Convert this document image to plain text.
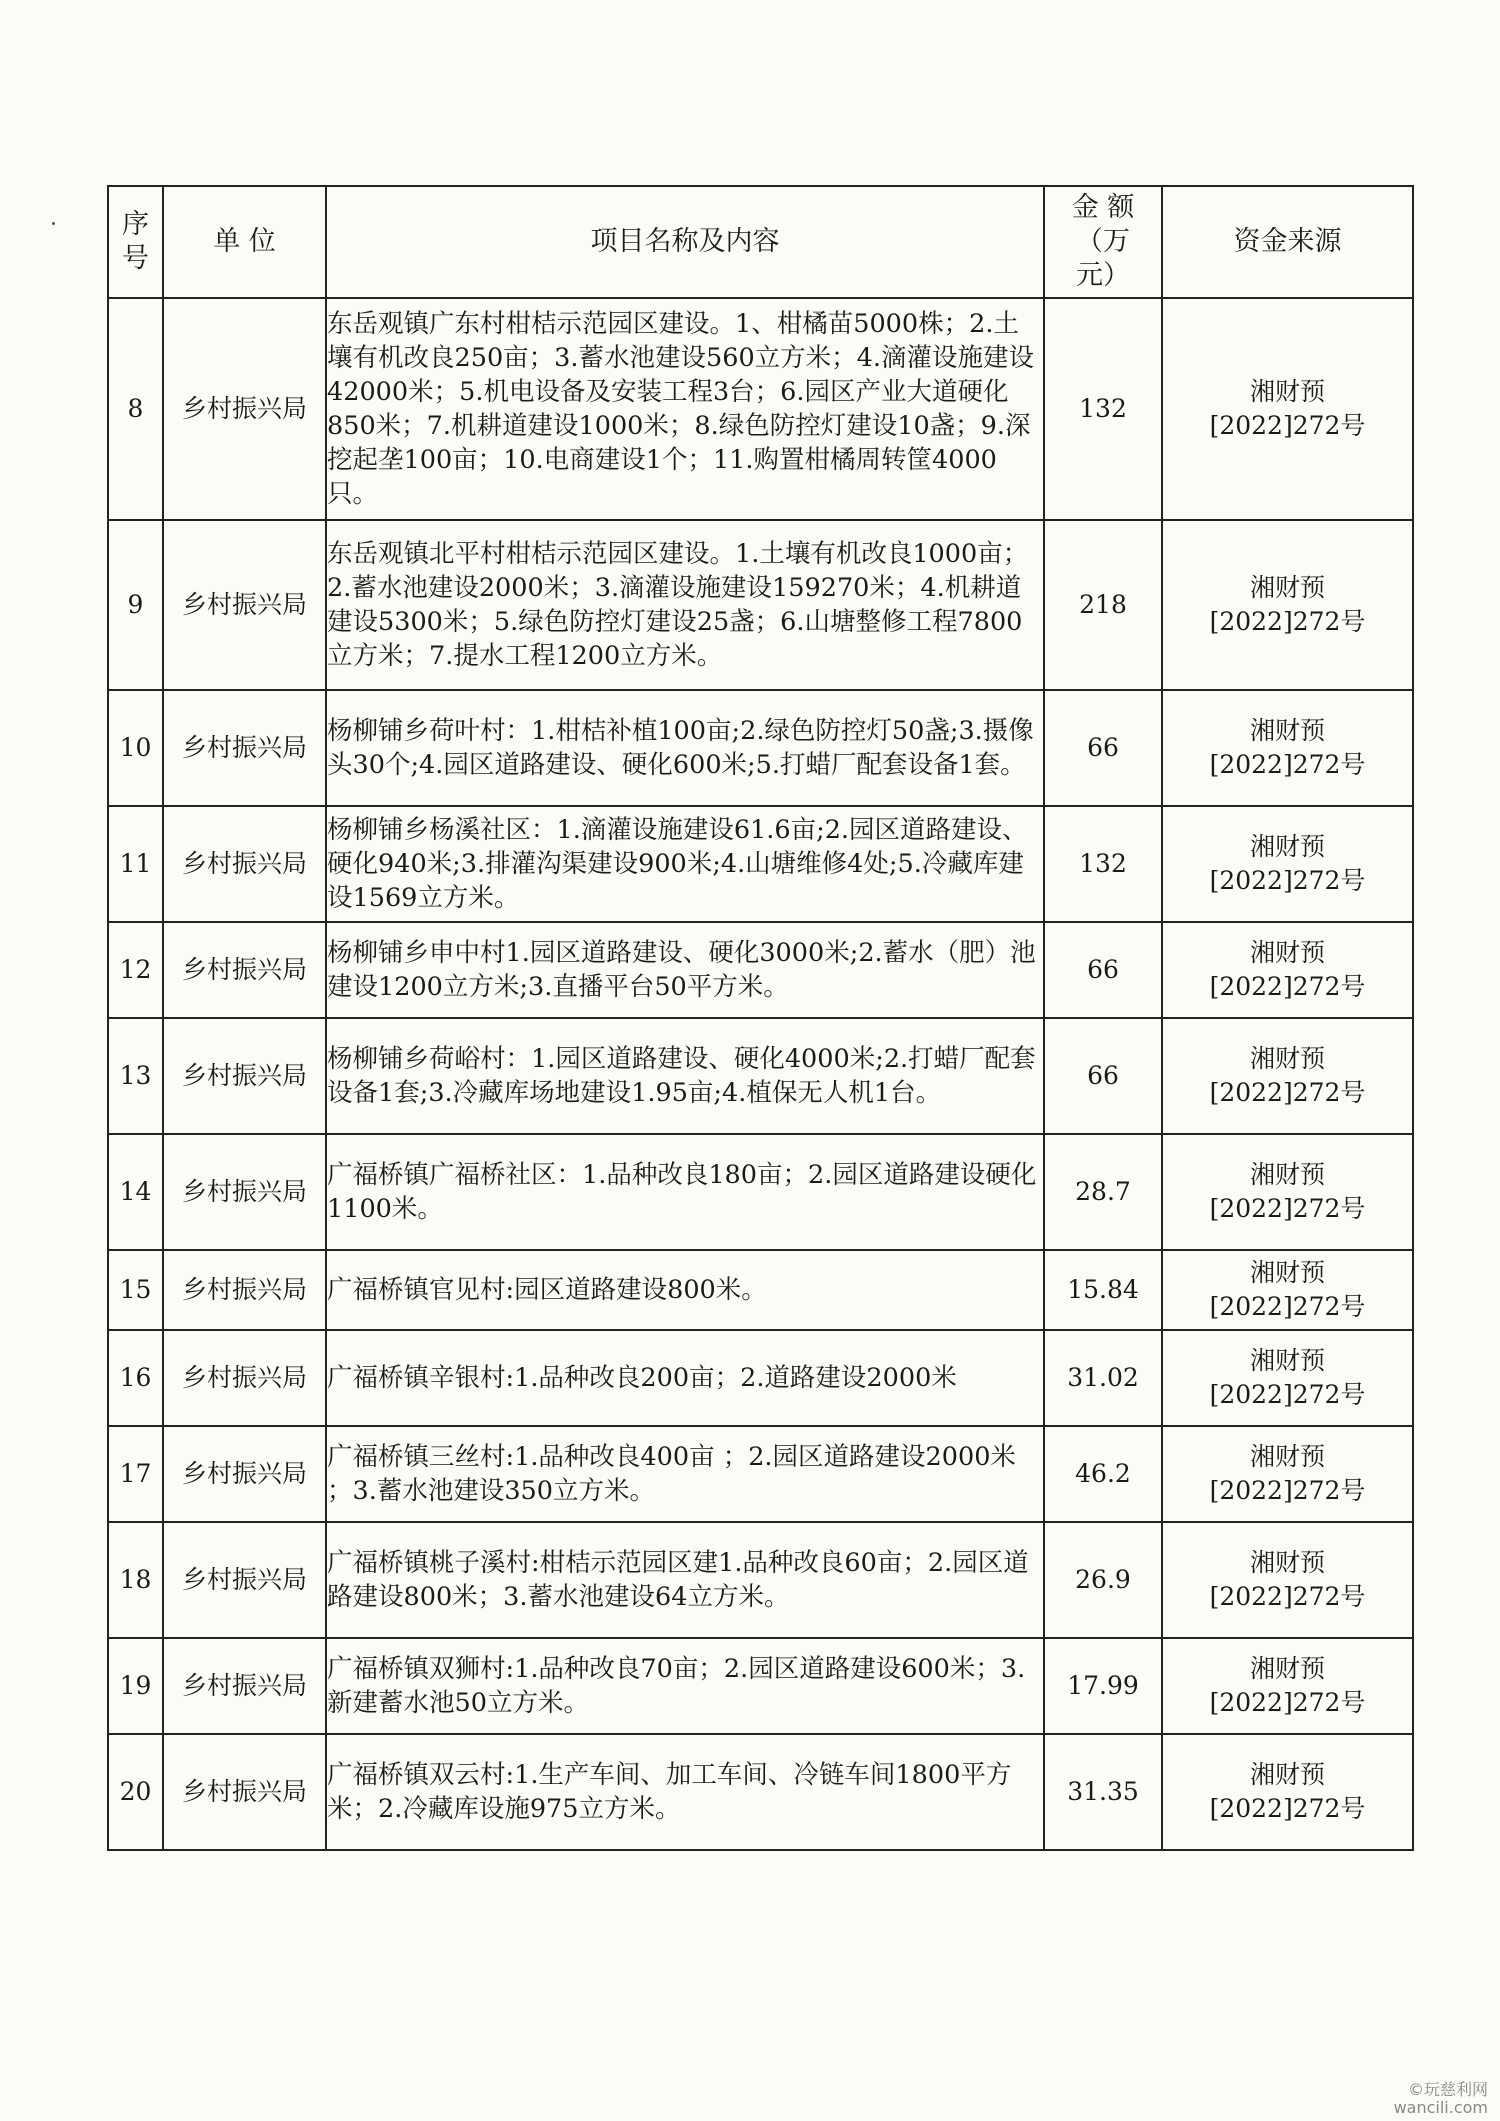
序号	单 位	项目名称及内容	金 额（万元）	资金来源
8	乡村振兴局	东岳观镇广东村柑桔示范园区建设。1、柑橘苗5000株；2.土壤有机改良250亩；3.蓄水池建设560立方米；4.滴灌设施建设42000米；5.机电设备及安装工程3台；6.园区产业大道硬化850米；7.机耕道建设1000米；8.绿色防控灯建设10盏；9.深挖起垄100亩；10.电商建设1个；11.购置柑橘周转筐4000只。	132	湘财预
[2022]272号

9	乡村振兴局	东岳观镇北平村柑桔示范园区建设。1.土壤有机改良1000亩；2.蓄水池建设2000米；3.滴灌设施建设159270米；4.机耕道建设5300米；5.绿色防控灯建设25盏；6.山塘整修工程7800立方米；7.提水工程1200立方米。	218	湘财预
[2022]272号

10	乡村振兴局	杨柳铺乡荷叶村：1.柑桔补植100亩;2.绿色防控灯50盏;3.摄像头30个;4.园区道路建设、硬化600米;5.打蜡厂配套设备1套。	66	湘财预
[2022]272号

11	乡村振兴局	杨柳铺乡杨溪社区：1.滴灌设施建设61.6亩;2.园区道路建设、硬化940米;3.排灌沟渠建设900米;4.山塘维修4处;5.冷藏库建设1569立方米。	132	湘财预
[2022]272号

12	乡村振兴局	杨柳铺乡申中村1.园区道路建设、硬化3000米;2.蓄水（肥）池建设1200立方米;3.直播平台50平方米。	66	湘财预
[2022]272号

13	乡村振兴局	杨柳铺乡荷峪村：1.园区道路建设、硬化4000米;2.打蜡厂配套设备1套;3.冷藏库场地建设1.95亩;4.植保无人机1台。	66	湘财预
[2022]272号

14	乡村振兴局	广福桥镇广福桥社区：1.品种改良180亩；2.园区道路建设硬化1100米。	28.7	湘财预
[2022]272号

15	乡村振兴局	广福桥镇官见村:园区道路建设800米。	15.84	湘财预
[2022]272号

16	乡村振兴局	广福桥镇辛银村:1.品种改良200亩；2.道路建设2000米	31.02	湘财预
[2022]272号

17	乡村振兴局	广福桥镇三丝村:1.品种改良400亩 ；2.园区道路建设2000米 ；3.蓄水池建设350立方米。	46.2	湘财预
[2022]272号

18	乡村振兴局	广福桥镇桃子溪村:柑桔示范园区建1.品种改良60亩；2.园区道路建设800米；3.蓄水池建设64立方米。	26.9	湘财预
[2022]272号

19	乡村振兴局	广福桥镇双狮村:1.品种改良70亩；2.园区道路建设600米；3.新建蓄水池50立方米。	17.99	湘财预
[2022]272号

20	乡村振兴局	广福桥镇双云村:1.生产车间、加工车间、冷链车间1800平方米；2.冷藏库设施975立方米。	31.35	湘财预
[2022]272号
©玩慈利网
wancili.com
